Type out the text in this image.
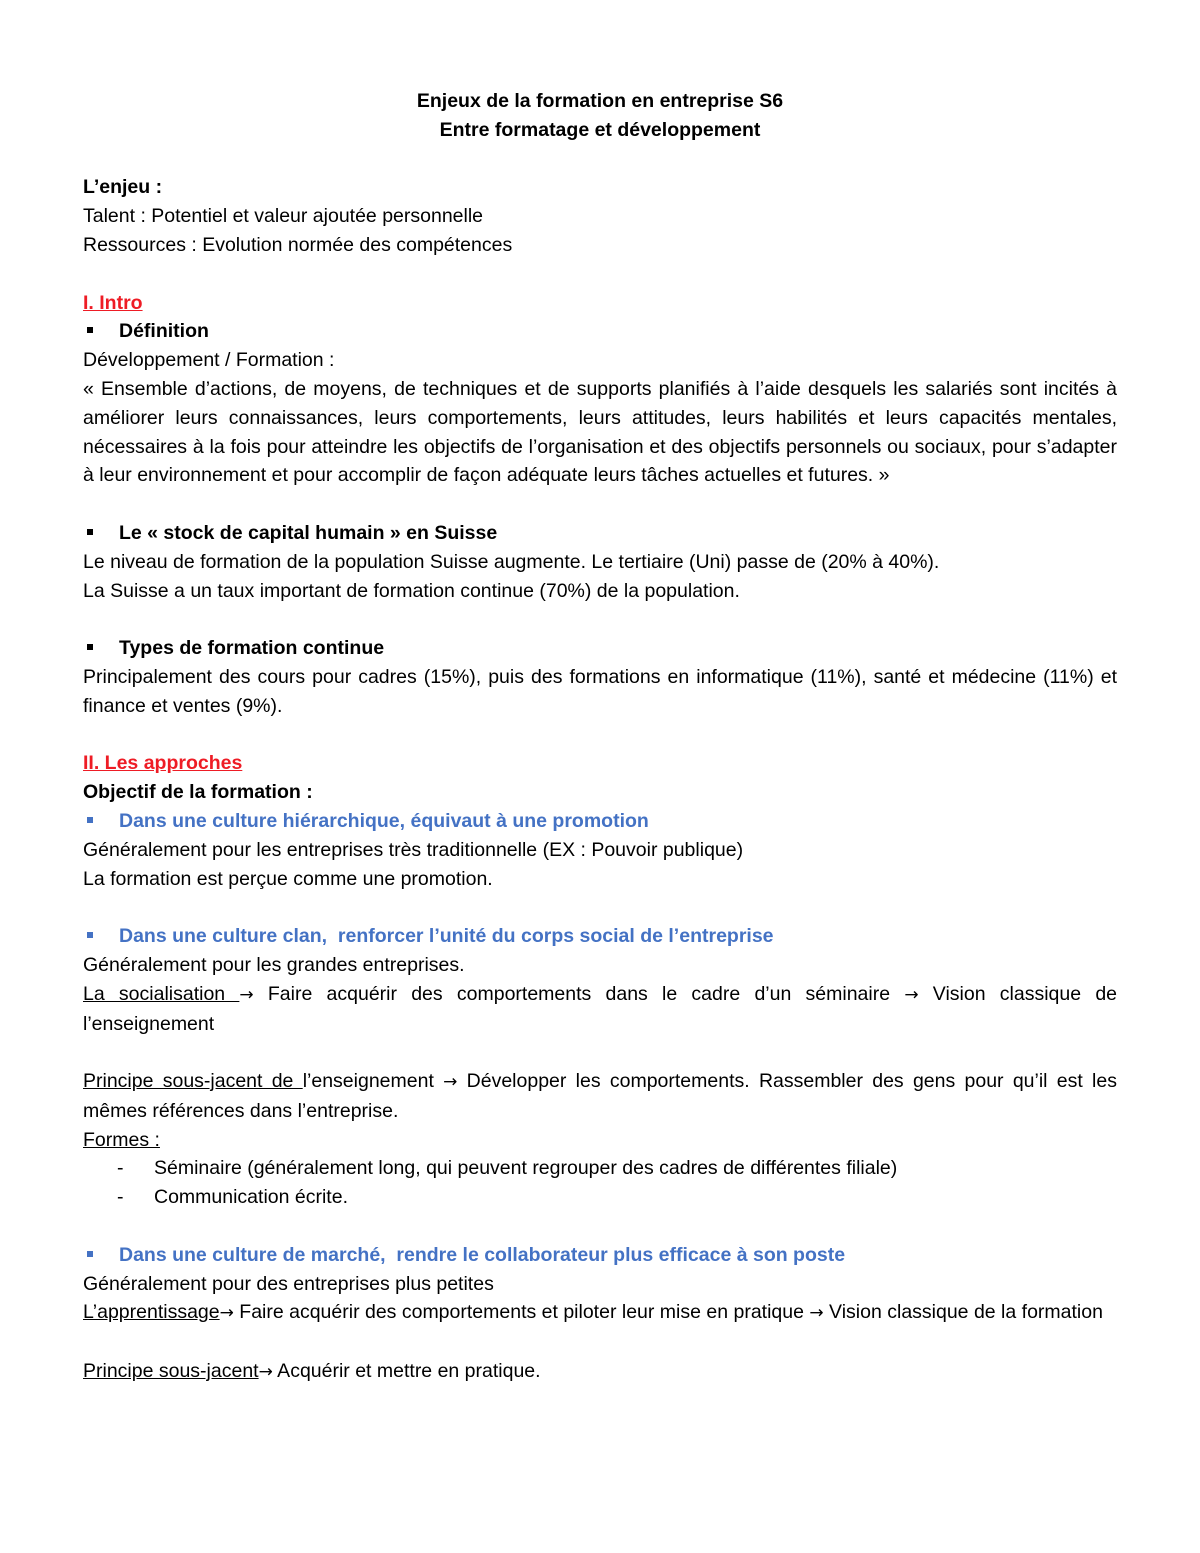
Enjeux de la formation en entreprise S6

Entre formatage et développement

L’enjeu :

Talent : Potentiel et valeur ajoutée personnelle

Ressources : Evolution normée des compétences

I. Intro

Définition

Développement / Formation :

« Ensemble d’actions, de moyens, de techniques et de supports planifiés à l’aide desquels les salariés sont incités à améliorer leurs connaissances, leurs comportements, leurs attitudes, leurs habilités et leurs capacités mentales, nécessaires à la fois pour atteindre les objectifs de l’organisation et des objectifs personnels ou sociaux, pour s’adapter à leur environnement et pour accomplir de façon adéquate leurs tâches actuelles et futures. »

Le « stock de capital humain » en Suisse

Le niveau de formation de la population Suisse augmente. Le tertiaire (Uni) passe de (20% à 40%).

La Suisse a un taux important de formation continue (70%) de la population.

Types de formation continue

Principalement des cours pour cadres (15%), puis des formations en informatique (11%), santé et médecine (11%) et finance et ventes (9%).

II. Les approches

Objectif de la formation :

Dans une culture hiérarchique, équivaut à une promotion

Généralement pour les entreprises très traditionnelle (EX : Pouvoir publique)

La formation est perçue comme une promotion.

Dans une culture clan,  renforcer l’unité du corps social de l’entreprise

Généralement pour les grandes entreprises.

La socialisation → Faire acquérir des comportements dans le cadre d’un séminaire → Vision classique de l’enseignement

Principe sous-jacent de l’enseignement → Développer les comportements. Rassembler des gens pour qu’il est les mêmes références dans l’entreprise.

Formes :

- Séminaire (généralement long, qui peuvent regrouper des cadres de différentes filiale)

- Communication écrite.

Dans une culture de marché,  rendre le collaborateur plus efficace à son poste

Généralement pour des entreprises plus petites

L’apprentissage→ Faire acquérir des comportements et piloter leur mise en pratique → Vision classique de la formation

Principe sous-jacent→ Acquérir et mettre en pratique.
